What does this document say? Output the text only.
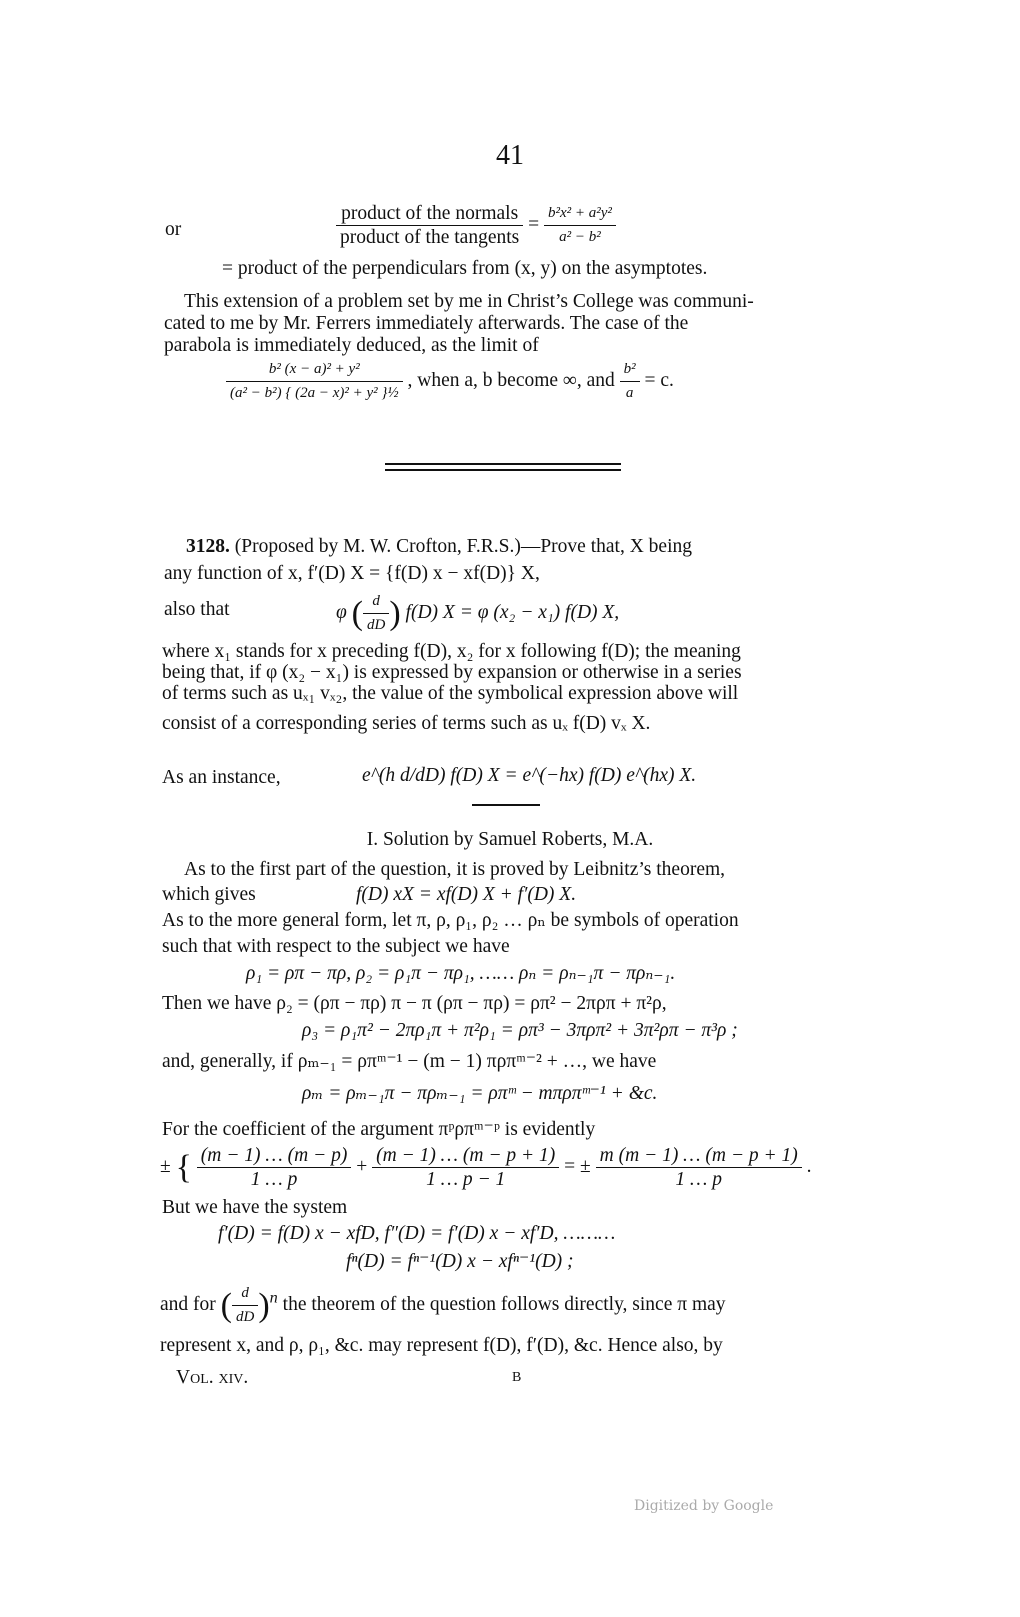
41
or	$\frac{\text{product of the normals}}{\text{product of the tangents}} = \frac{\text{b²x² + a²y²}}{\text{a² − b²}}$
= product of the perpendiculars from (x, y) on the asymptotes.
This extension of a problem set by me in Christ’s College was communi-
cated to me by Mr. Ferrers immediately afterwards. The case of the
parabola is immediately deduced, as the limit of
$\frac{\text{b² (x − a)² + y²}}{\text{(a² − b²) \{ (2a − x)² + y² \}½}}$ , when a, b become ∞, and $\frac{\text{b²}}{a} = c$.
3128. (Proposed by M. W. Crofton, F.R.S.)—Prove that, X being
any function of x, f′(D) X = {f(D) x − xf(D)} X,
also that	φ ( $\frac{d}{dD}$ ) f(D) X = φ (x₂ − x₁) f(D) X,
where x₁ stands for x preceding f(D), x₂ for x following f(D); the meaning
being that, if φ (x₂ − x₁) is expressed by expansion or otherwise in a series
of terms such as uₓ₁ vₓ₂, the value of the symbolical expression above will
consist of a corresponding series of terms such as uₓ f(D) vₓ X.
As an instance,	e^(h d/dD) f(D) X = e^(−hx) f(D) e^(hx) X.
I. Solution by Samuel Roberts, M.A.
As to the first part of the question, it is proved by Leibnitz’s theorem,
which gives	f(D) xX = xf(D) X + f′(D) X.
As to the more general form, let π, ρ, ρ₁, ρ₂ … ρₙ be symbols of operation
such that with respect to the subject we have
ρ₁ = ρπ − πρ, ρ₂ = ρ₁π − πρ₁, …… ρₙ = ρₙ₋₁π − πρₙ₋₁.
Then we have ρ₂ = (ρπ − πρ) π − π (ρπ − πρ) = ρπ² − 2πρπ + π²ρ,
ρ₃ = ρ₁π² − 2πρ₁π + π²ρ₁ = ρπ³ − 3πρπ² + 3π²ρπ − π³ρ ;
and, generally, if ρₘ₋₁ = ρπᵐ⁻¹ − (m − 1) πρπᵐ⁻² + …, we have
ρₘ = ρₘ₋₁π − πρₘ₋₁ = ρπᵐ − mπρπᵐ⁻¹ + &c.
For the coefficient of the argument πᵖρπᵐ⁻ᵖ is evidently
± { $\frac{(m - 1) \dots (m - p)}{1 \dots p} + \frac{(m - 1) \dots (m - p + 1)}{1 \dots p - 1}$ = ± $\frac{m (m - 1) \dots (m - p + 1)}{1 \dots p}$ .
But we have the system
f′(D) = f(D) x − xfD, f″(D) = f′(D) x − xf′D, ………
fⁿ(D) = fⁿ⁻¹(D) x − xfⁿ⁻¹(D) ;
and for ( $\frac{d}{dD} )^n$ the theorem of the question follows directly, since π may
represent x, and ρ, ρ₁, &c. may represent f(D), f′(D), &c. Hence also, by
Vol. xiv.	B
Digitized by Google
